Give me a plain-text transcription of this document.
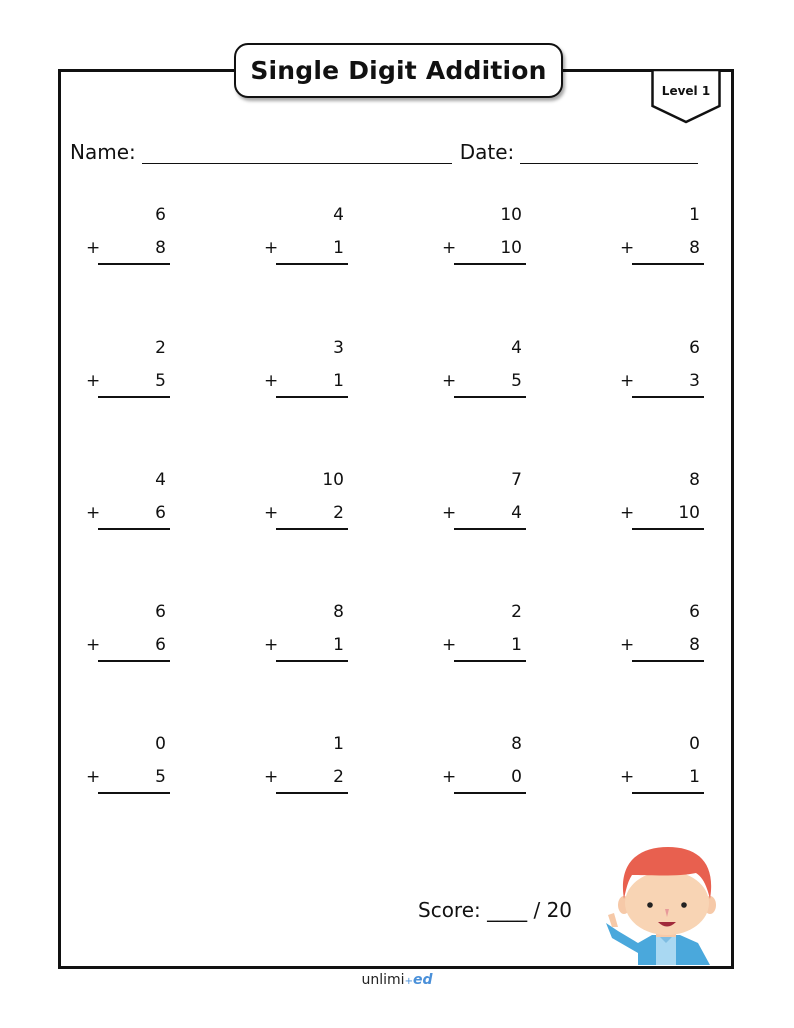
Single Digit Addition
Level 1
Name:	Date:
6
+	8
4
+	1
10
+	10
1
+	8
2
+	5
3
+	1
4
+	5
6
+	3
4
+	6
10
+	2
7
+	4
8
+	10
6
+	6
8
+	1
2
+	1
6
+	8
0
+	5
1
+	2
8
+	0
0
+	1
Score: ____ / 20
unlimi+ed
